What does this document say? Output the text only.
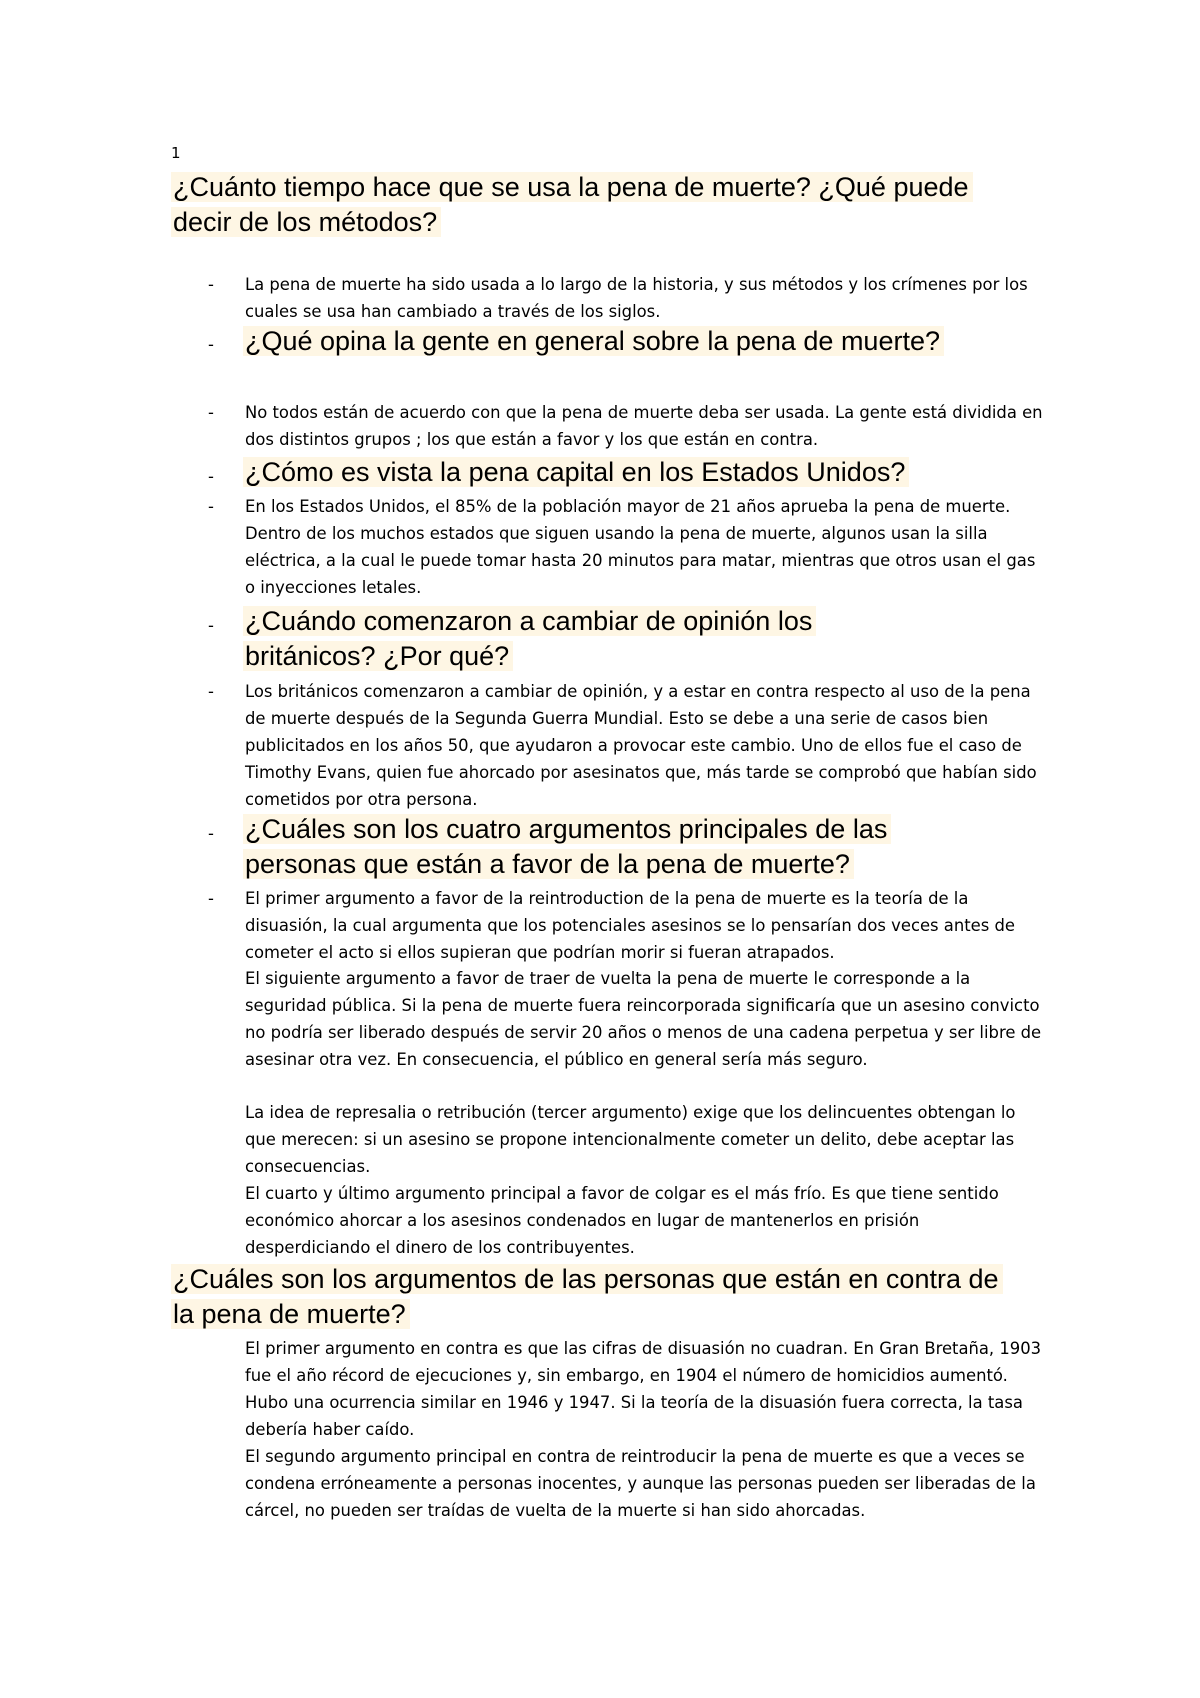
1
¿Cuánto tiempo hace que se usa la pena de muerte? ¿Qué puede decir de los métodos?
- La pena de muerte ha sido usada a lo largo de la historia, y sus métodos y los crímenes por los cuales se usa han cambiado a través de los siglos.

- ¿Qué opina la gente en general sobre la pena de muerte?
- No todos están de acuerdo con que la pena de muerte deba ser usada. La gente está dividida en dos distintos grupos ; los que están a favor y los que están en contra.

- ¿Cómo es vista la pena capital en los Estados Unidos?
- En los Estados Unidos, el 85% de la población mayor de 21 años aprueba la pena de muerte. Dentro de los muchos estados que siguen usando la pena de muerte, algunos usan la silla eléctrica, a la cual le puede tomar hasta 20 minutos para matar, mientras que otros usan el gas o inyecciones letales.

- ¿Cuándo comenzaron a cambiar de opinión los británicos? ¿Por qué?
- Los británicos comenzaron a cambiar de opinión, y a estar en contra respecto al uso de la pena de muerte después de la Segunda Guerra Mundial. Esto se debe a una serie de casos bien publicitados en los años 50, que ayudaron a provocar este cambio. Uno de ellos fue el caso de Timothy Evans, quien fue ahorcado por asesinatos que, más tarde se comprobó que habían sido cometidos por otra persona.

- ¿Cuáles son los cuatro argumentos principales de las personas que están a favor de la pena de muerte?
- El primer argumento a favor de la reintroduction de la pena de muerte es la teoría de la disuasión, la cual argumenta que los potenciales asesinos se lo pensarían dos veces antes de cometer el acto si ellos supieran que podrían morir si fueran atrapados.

El siguiente argumento a favor de traer de vuelta la pena de muerte le corresponde a la seguridad pública. Si la pena de muerte fuera reincorporada significaría que un asesino convicto no podría ser liberado después de servir 20 años o menos de una cadena perpetua y ser libre de asesinar otra vez. En consecuencia, el público en general sería más seguro.

La idea de represalia o retribución (tercer argumento) exige que los delincuentes obtengan lo que merecen: si un asesino se propone intencionalmente cometer un delito, debe aceptar las consecuencias.

El cuarto y último argumento principal a favor de colgar es el más frío. Es que tiene sentido económico ahorcar a los asesinos condenados en lugar de mantenerlos en prisión desperdiciando el dinero de los contribuyentes.

¿Cuáles son los argumentos de las personas que están en contra de la pena de muerte?

El primer argumento en contra es que las cifras de disuasión no cuadran. En Gran Bretaña, 1903 fue el año récord de ejecuciones y, sin embargo, en 1904 el número de homicidios aumentó. Hubo una ocurrencia similar en 1946 y 1947. Si la teoría de la disuasión fuera correcta, la tasa debería haber caído.

El segundo argumento principal en contra de reintroducir la pena de muerte es que a veces se condena erróneamente a personas inocentes, y aunque las personas pueden ser liberadas de la cárcel, no pueden ser traídas de vuelta de la muerte si han sido ahorcadas.
